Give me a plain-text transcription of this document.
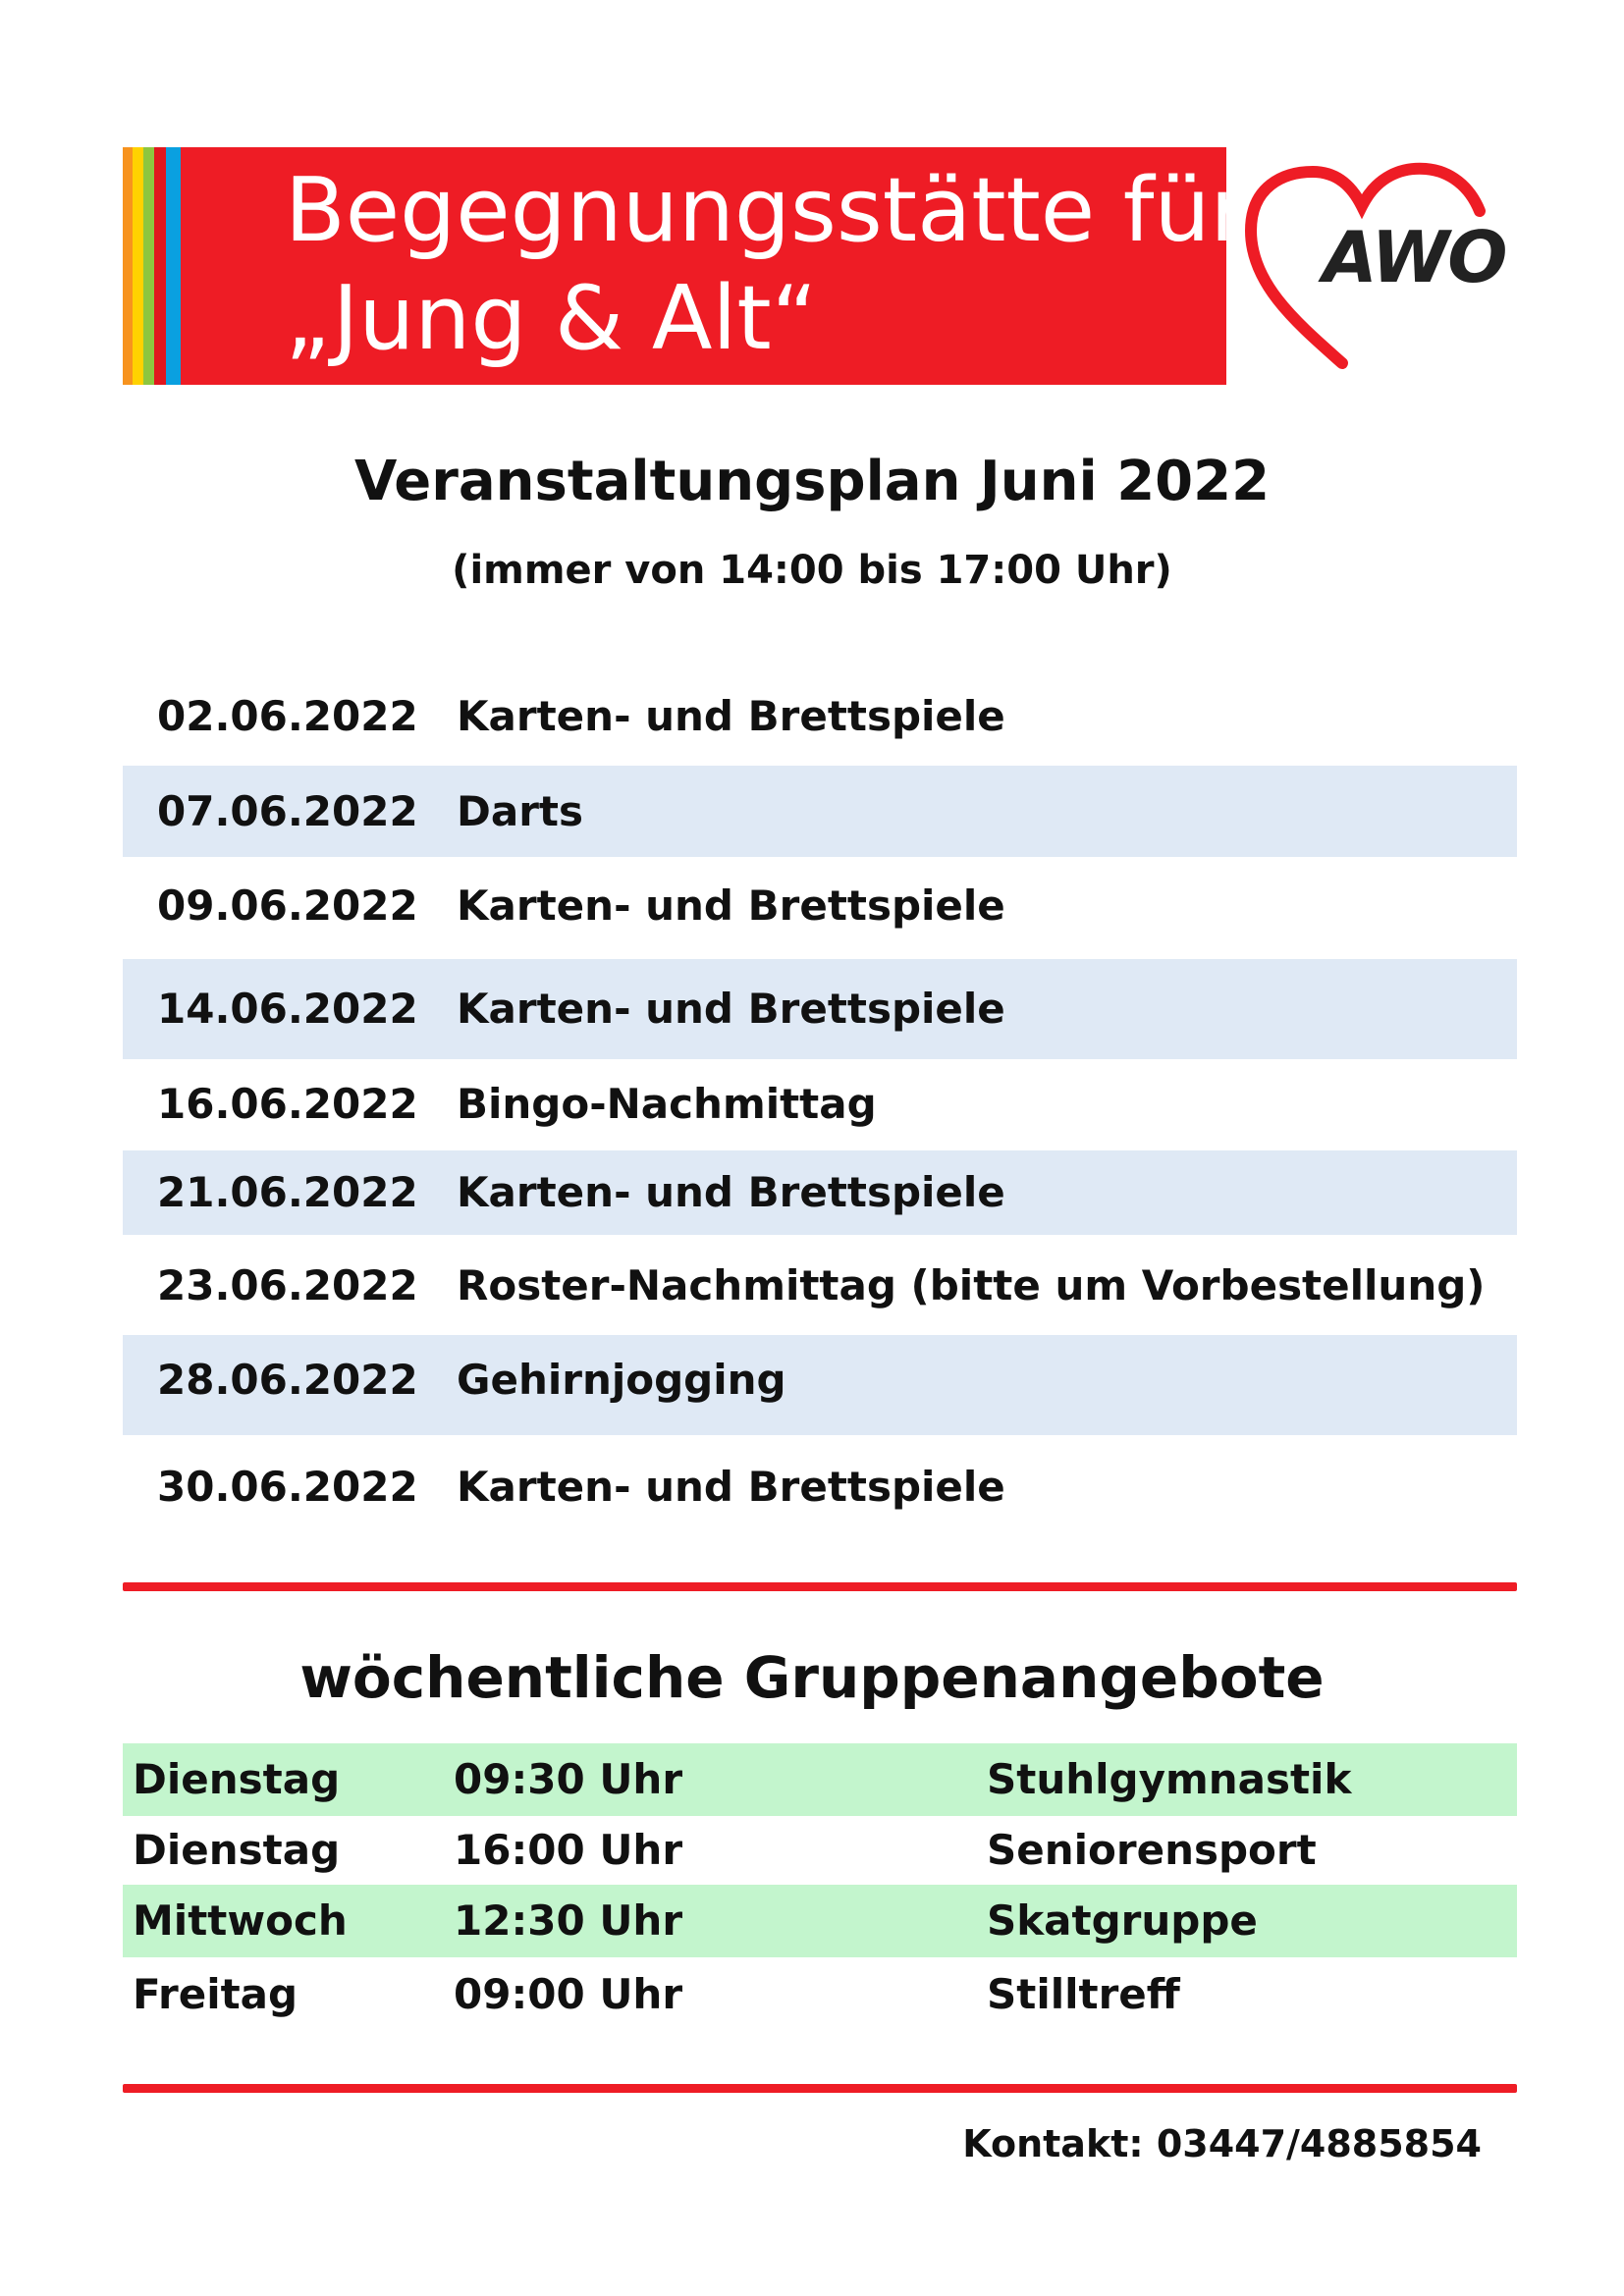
Begegnungsstätte für
„Jung & Alt“
AWO
Veranstaltungsplan Juni 2022
(immer von 14:00 bis 17:00 Uhr)
02.06.2022 Karten- und Brettspiele
07.06.2022 Darts
09.06.2022 Karten- und Brettspiele
14.06.2022 Karten- und Brettspiele
16.06.2022 Bingo-Nachmittag
21.06.2022 Karten- und Brettspiele
23.06.2022 Roster-Nachmittag (bitte um Vorbestellung)
28.06.2022 Gehirnjogging
30.06.2022 Karten- und Brettspiele
wöchentliche Gruppenangebote
Dienstag	09:30 Uhr	Stuhlgymnastik
Dienstag	16:00 Uhr	Seniorensport
Mittwoch	12:30 Uhr	Skatgruppe
Freitag	09:00 Uhr	Stilltreff
Kontakt: 03447/4885854
